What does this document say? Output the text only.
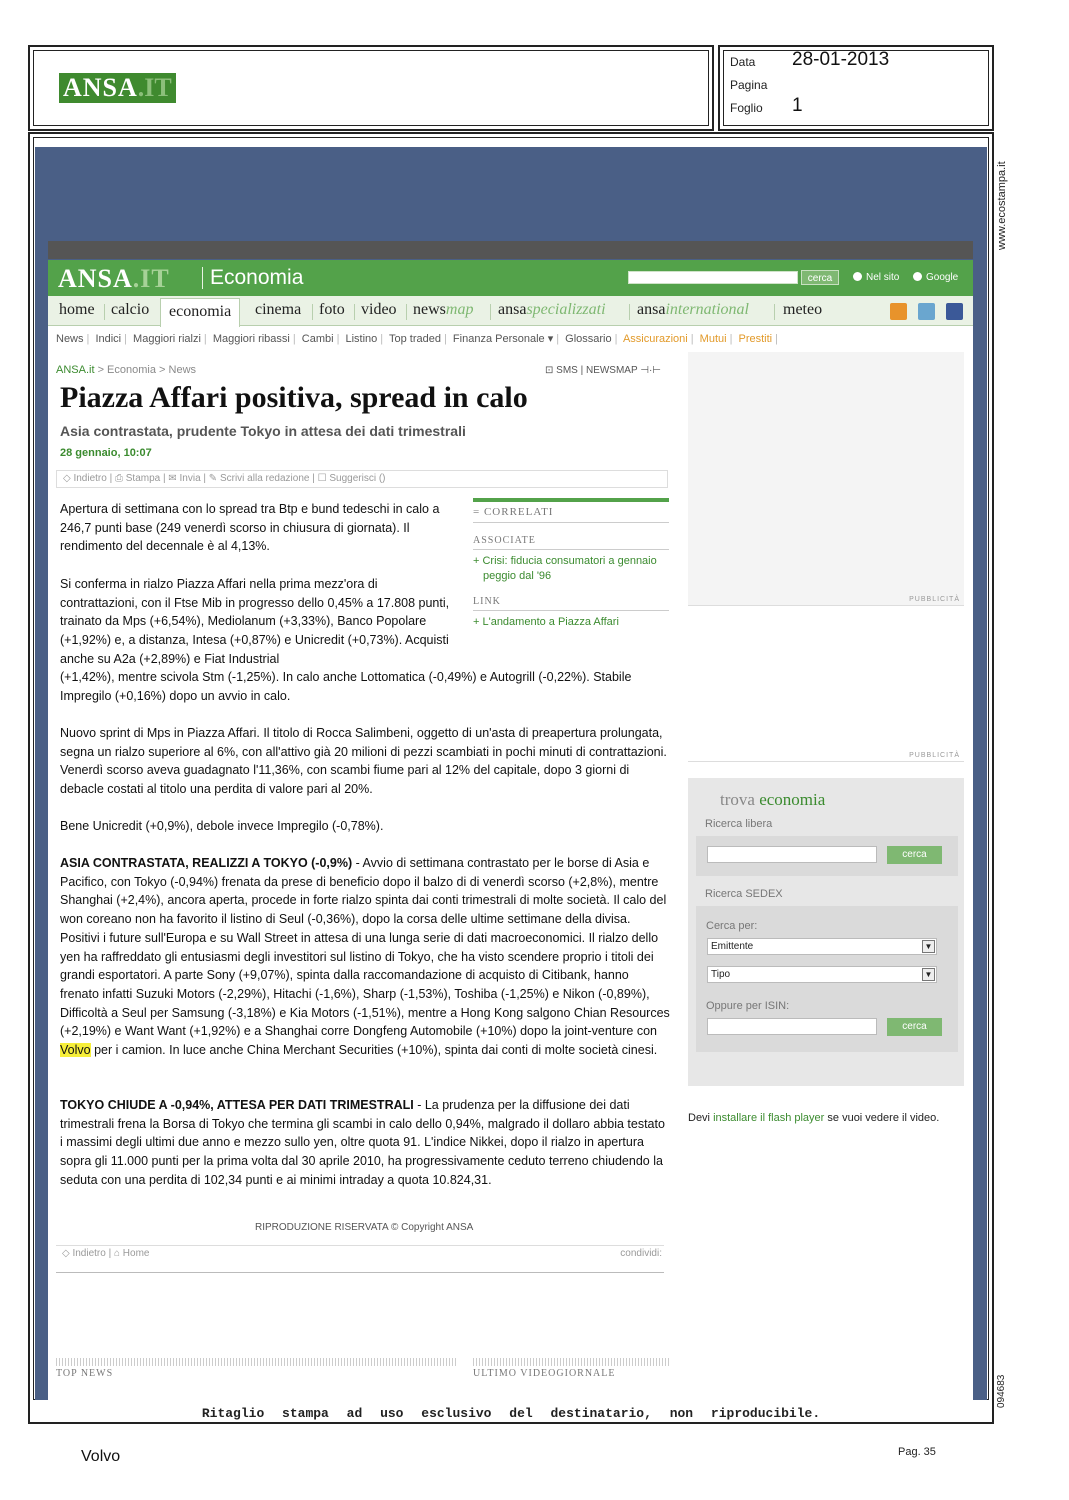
ANSA .IT
Data 28-01-2013
Pagina
Foglio 1
Ritaglio stampa ad uso esclusivo del destinatario, non riproducibile.
www.ecostampa.it
094683
ANSA.IT Economia	cerca	Nel sito	Google
home calcio	economia	cinema foto video newsmap ansaspecializzati ansainternational meteo
News | Indici | Maggiori rialzi | Maggiori ribassi | Cambi | Listino | Top traded | Finanza Personale ▾ | Glossario | Assicurazioni | Mutui | Prestiti |
ANSA.it > Economia > News	⊡ SMS | NEWSMAP ⊣·⊢
Piazza Affari positiva, spread in calo
Asia contrastata, prudente Tokyo in attesa dei dati trimestrali
28 gennaio, 10:07
◇ Indietro | ⎙ Stampa | ✉ Invia | ✎ Scrivi alla redazione | ☐ Suggerisci ()
Apertura di settimana con lo spread tra Btp e bund tedeschi in calo a 246,7 punti base (249 venerdì scorso in chiusura di giornata). Il rendimento del decennale è al 4,13%.
Si conferma in rialzo Piazza Affari nella prima mezz'ora di contrattazioni, con il Ftse Mib in progresso dello 0,45% a 17.808 punti, trainato da Mps (+6,54%), Mediolanum (+3,33%), Banco Popolare (+1,92%) e, a distanza, Intesa (+0,87%) e Unicredit (+0,73%). Acquisti anche su A2a (+2,89%) e Fiat Industrial
(+1,42%), mentre scivola Stm (-1,25%). In calo anche Lottomatica (-0,49%) e Autogrill (-0,22%). Stabile Impregilo (+0,16%) dopo un avvio in calo.
= CORRELATI
ASSOCIATE
+ Crisi: fiducia consumatori a gennaio peggio dal '96
LINK
+ L'andamento a Piazza Affari
Nuovo sprint di Mps in Piazza Affari. Il titolo di Rocca Salimbeni, oggetto di un'asta di preapertura prolungata, segna un rialzo superiore al 6%, con all'attivo già 20 milioni di pezzi scambiati in pochi minuti di contrattazioni. Venerdì scorso aveva guadagnato l'11,36%, con scambi fiume pari al 12% del capitale, dopo 3 giorni di debacle costati al titolo una perdita di valore pari al 20%.
Bene Unicredit (+0,9%), debole invece Impregilo (-0,78%).
ASIA CONTRASTATA, REALIZZI A TOKYO (-0,9%) - Avvio di settimana contrastato per le borse di Asia e Pacifico, con Tokyo (-0,94%) frenata da prese di beneficio dopo il balzo di di venerdì scorso (+2,8%), mentre Shanghai (+2,4%), ancora aperta, procede in forte rialzo spinta dai conti trimestrali di molte società. Il calo del won coreano non ha favorito il listino di Seul (-0,36%), dopo la corsa delle ultime settimane della divisa. Positivi i future sull'Europa e su Wall Street in attesa di una lunga serie di dati macroeconomici. Il rialzo dello yen ha raffreddato gli entusiasmi degli investitori sul listino di Tokyo, che ha visto scendere proprio i titoli dei grandi esportatori. A parte Sony (+9,07%), spinta dalla raccomandazione di acquisto di Citibank, hanno frenato infatti Suzuki Motors (-2,29%), Hitachi (-1,6%), Sharp (-1,53%), Toshiba (-1,25%) e Nikon (-0,89%), Difficoltà a Seul per Samsung (-3,18%) e Kia Motors (-1,51%), mentre a Hong Kong salgono Chian Resources (+2,19%) e Want Want (+1,92%) e a Shanghai corre Dongfeng Automobile (+10%) dopo la joint-venture con Volvo per i camion. In luce anche China Merchant Securities (+10%), spinta dai conti di molte società cinesi.
TOKYO CHIUDE A -0,94%, ATTESA PER DATI TRIMESTRALI - La prudenza per la diffusione dei dati trimestrali frena la Borsa di Tokyo che termina gli scambi in calo dello 0,94%, malgrado il dollaro abbia testato i massimi degli ultimi due anno e mezzo sullo yen, oltre quota 91. L'indice Nikkei, dopo il rialzo in apertura sopra gli 11.000 punti per la prima volta dal 30 aprile 2010, ha progressivamente ceduto terreno chiudendo la seduta con una perdita di 102,34 punti e ai minimi intraday a quota 10.824,31.
RIPRODUZIONE RISERVATA © Copyright ANSA
◇ Indietro | ⌂ Home	condividi:
TOP NEWS	ULTIMO VIDEOGIORNALE
PUBBLICITÀ
PUBBLICITÀ
trova economia
Ricerca libera
cerca
Ricerca SEDEX
Cerca per:
Emittente	▼
Tipo	▼
Oppure per ISIN:
cerca
Devi installare il flash player se vuoi vedere il video.
Volvo	Pag. 35
